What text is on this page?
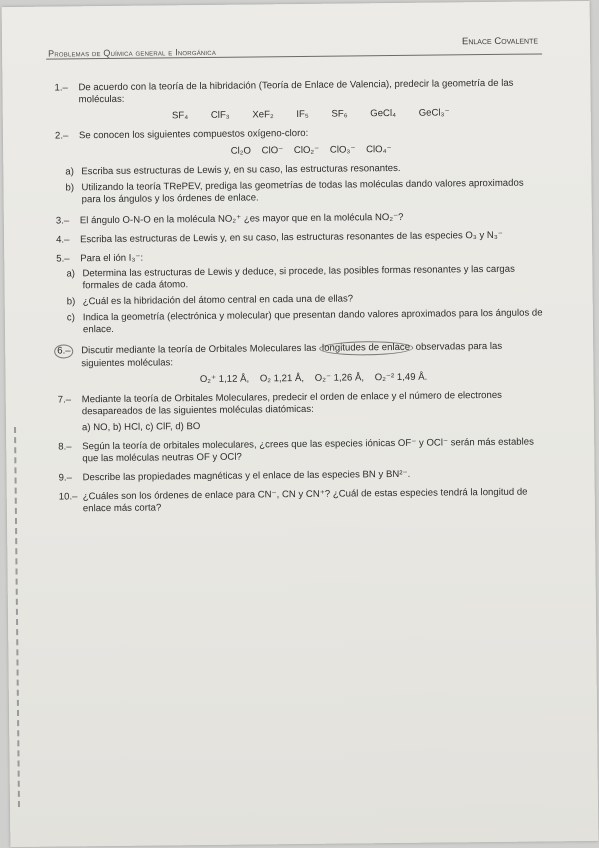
Problemas de Química general e Inorgánica
Enlace Covalente
1.– De acuerdo con la teoría de la hibridación (Teoría de Enlace de Valencia), predecir la geometría de las moléculas:
SF₄ ClF₃ XeF₂ IF₅ SF₆ GeCl₄ GeCl₃⁻
2.– Se conocen los siguientes compuestos oxígeno-cloro:
Cl₂O ClO⁻ ClO₂⁻ ClO₃⁻ ClO₄⁻
a) Escriba sus estructuras de Lewis y, en su caso, las estructuras resonantes.
b) Utilizando la teoría TRePEV, prediga las geometrías de todas las moléculas dando valores aproximados para los ángulos y los órdenes de enlace.
3.– El ángulo O-N-O en la molécula NO₂⁺ ¿es mayor que en la molécula NO₂⁻?
4.– Escriba las estructuras de Lewis y, en su caso, las estructuras resonantes de las especies O₃ y N₃⁻
5.– Para el ión I₃⁻:
a) Determina las estructuras de Lewis y deduce, si procede, las posibles formas resonantes y las cargas formales de cada átomo.
b) ¿Cuál es la hibridación del átomo central en cada una de ellas?
c) Indica la geometría (electrónica y molecular) que presentan dando valores aproximados para los ángulos de enlace.
6.–	Discutir mediante la teoría de Orbitales Moleculares las longitudes de enlace observadas para las siguientes moléculas:
O₂⁺ 1,12 Å, O₂ 1,21 Å, O₂⁻ 1,26 Å, O₂⁻² 1,49 Å.
7.– Mediante la teoría de Orbitales Moleculares, predecir el orden de enlace y el número de electrones desapareados de las siguientes moléculas diatómicas:
a) NO, b) HCl, c) ClF, d) BO
8.– Según la teoría de orbitales moleculares, ¿crees que las especies iónicas OF⁻ y OCl⁻ serán más estables que las moléculas neutras OF y OCl?
9.– Describe las propiedades magnéticas y el enlace de las especies BN y BN²⁻.
10.– ¿Cuáles son los órdenes de enlace para CN⁻, CN y CN⁺? ¿Cuál de estas especies tendrá la longitud de enlace más corta?
